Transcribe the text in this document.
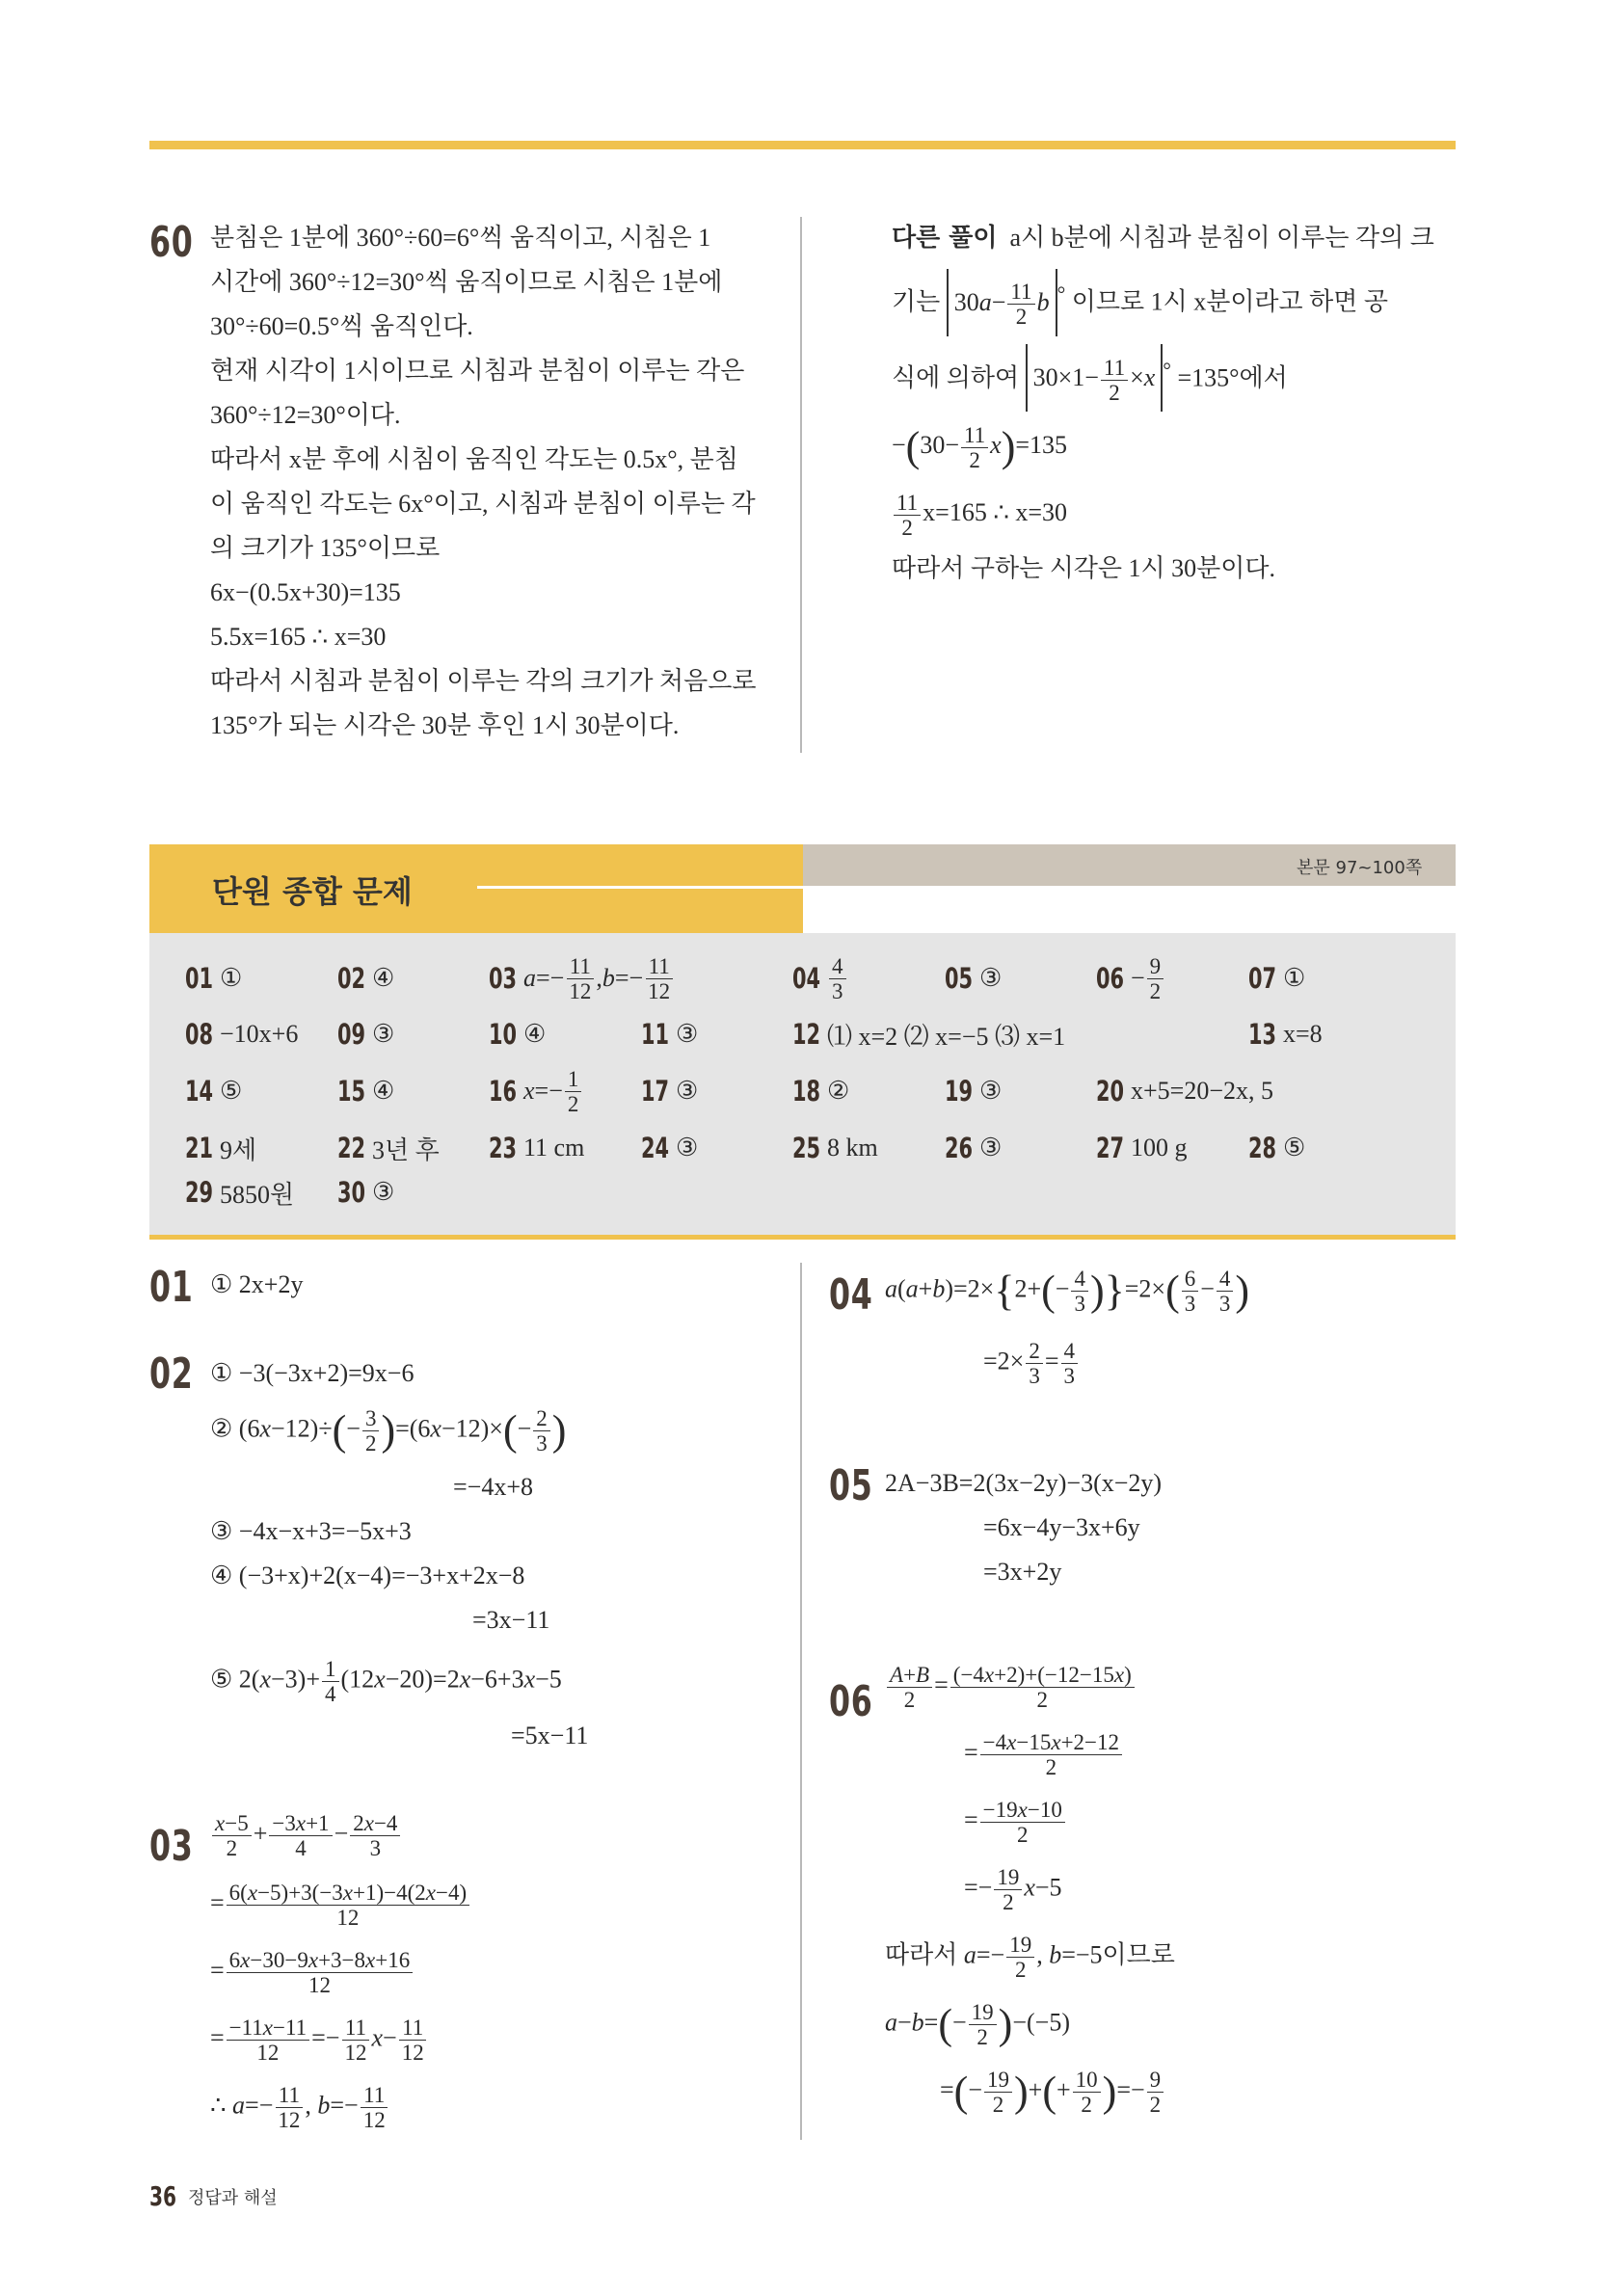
60 분침은 1분에 360°÷60=6°씩 움직이고, 시침은 1
시간에 360°÷12=30°씩 움직이므로 시침은 1분에
30°÷60=0.5°씩 움직인다.
현재 시각이 1시이므로 시침과 분침이 이루는 각은
360°÷12=30°이다.
따라서 x분 후에 시침이 움직인 각도는 0.5x°, 분침
이 움직인 각도는 6x°이고, 시침과 분침이 이루는 각
의 크기가 135°이므로
6x−(0.5x+30)=135
5.5x=165 ∴ x=30
따라서 시침과 분침이 이루는 각의 크기가 처음으로
135°가 되는 시각은 30분 후인 1시 30분이다.
다른 풀이 a시 b분에 시침과 분침이 이루는 각의 크
기는 $30a- \frac{11}{2}$ b ° 이므로 1시 x분이라고 하면 공
식에 의하여 $30\times 1- \frac{11}{2} \times x$ ° =135°에서
$-(30- \frac{11}{2} x)=135$
$\frac{11}{2} x=165$ ∴ x=30
따라서 구하는 시각은 1시 30분이다.
단원 종합 문제
본문 97~100쪽
01 ①	02 ④	03 $a =- \frac{11}{12}$ , $b =- \frac{11}{12}$	$04 \frac{4}{3}$	05 ③	$06 - \frac{9}{2}$	07 ①
08 −10x+6 09 ③	10 ④	11 ③	12 ⑴ x=2 ⑵ x=−5 ⑶ x=1	13 x=8
14 ⑤	15 ④	16 $x =- \frac{1}{2} 17$ ③	18 ②	19 ③	20 x+5=20−2x, 5
21 9세	22 3년 후 23 11 cm 24 ③	25 8 km 26 ③	27 100 g 28 ⑤
29 5850원 30 ③
01 ① 2x+2y
02 ① −3(−3x+2)=9x−6
② $(6x-12)\div(- \frac{3}{2} )=(6x-12)\times(- \frac{2}{3}$ )
=−4x+8
③ −4x−x+3=−5x+3
④ (−3+x)+2(x−4)=−3+x+2x−8
=3x−11
⑤ $2(x-3)+ \frac{1}{4} (12x-20)=2x-6+3x-5$
=5x−11
$03 \frac{x-5}{2} + \frac{-3x+1}{4} - \frac{2x-4}{3}$
= $\frac{6(x-5)+3(-3x+1)-4(2x-4)}{12}$
= $\frac{6x-30-9x+3-8x+16}{12}$
= $\frac{-11x-11}{12} =- \frac{11}{12} x- \frac{11}{12}$
∴ $a=- \frac{11}{12}$ , $b=- \frac{11}{12}$
04 $a(a+b)=2\times\{2+(- \frac{4}{3} )\}=2\times( \frac{6}{3} - \frac{4}{3}$ )
$=2\times \frac{2}{3} = \frac{4}{3}$
05 2A−3B=2(3x−2y)−3(x−2y)
=6x−4y−3x+6y
=3x+2y
$06 \frac{A+B}{2} = \frac{(-4x+2)+(-12-15x)}{2}$
= $\frac{-4x-15x+2-12}{2}$
= $\frac{-19x-10}{2}$
=− $\frac{19}{2} x-5$
따라서 $a=- \frac{19}{2}$ , b=−5이므로
$a-b=(- \frac{19}{2} )-(-5)$
=(− $\frac{19}{2}$ )+(+ $\frac{10}{2}$ )=− $\frac{9}{2}$
36 정답과 해설
